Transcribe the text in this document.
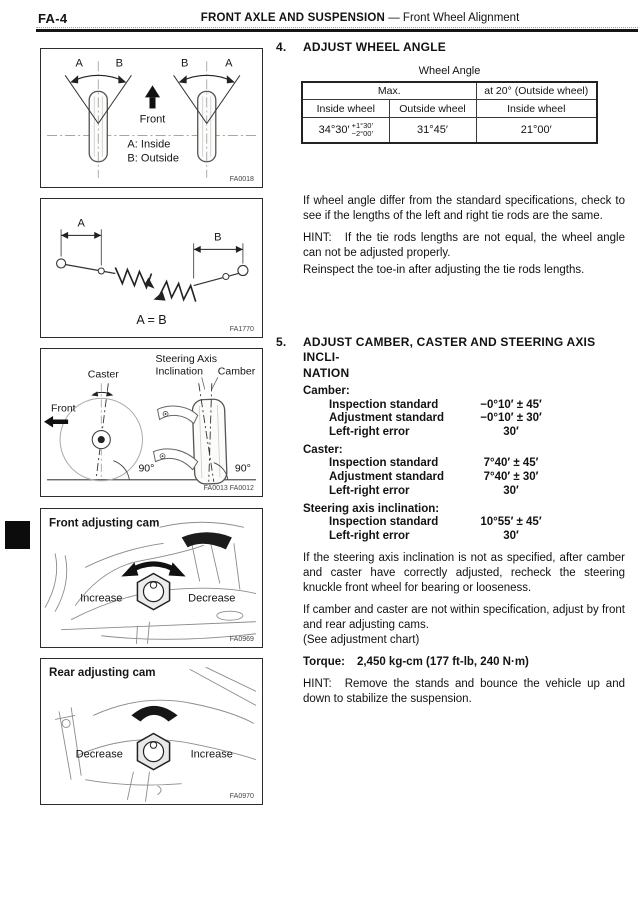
FA-4	FRONT AXLE AND SUSPENSION — Front Wheel Alignment
A	B	B	A
Front
A: Inside
B: Outside
FA0018
A
B
A = B
FA1770
Caster
Front
90°
Steering Axis
Inclination Camber
90°
FA0013 FA0012
Front adjusting cam
Increase	Decrease
FA0969
Rear adjusting cam
Decrease	Increase
FA0970
4. ADJUST WHEEL ANGLE
Wheel Angle
Max.		at 20° (Outside wheel)
Inside wheel	Outside wheel	Inside wheel
34°30′ +1°30′
−2°00′	31°45′	21°00′

If wheel angle differ from the standard specifications, check to see if the lengths of the left and right tie rods are the same.

HINT: If the tie rods lengths are not equal, the wheel angle can not be adjusted properly.

Reinspect the toe-in after adjusting the tie rods lengths.

5. ADJUST CAMBER, CASTER AND STEERING AXIS INCLI-
NATION
Camber:
Inspection standard	−0°10′ ± 45′
Adjustment standard	−0°10′ ± 30′
Left-right error	30′
Caster:
Inspection standard	7°40′ ± 45′
Adjustment standard	7°40′ ± 30′
Left-right error	30′
Steering axis inclination:
Inspection standard	10°55′ ± 45′
Left-right error	30′

If the steering axis inclination is not as specified, after camber and caster have correctly adjusted, recheck the steering knuckle front wheel for bearing or looseness.

If camber and caster are not within specification, adjust by front and rear adjusting cams.

(See adjustment chart)

Torque: 2,450 kg-cm (177 ft-lb, 240 N·m)

HINT: Remove the stands and bounce the vehicle up and down to stabilize the suspension.
